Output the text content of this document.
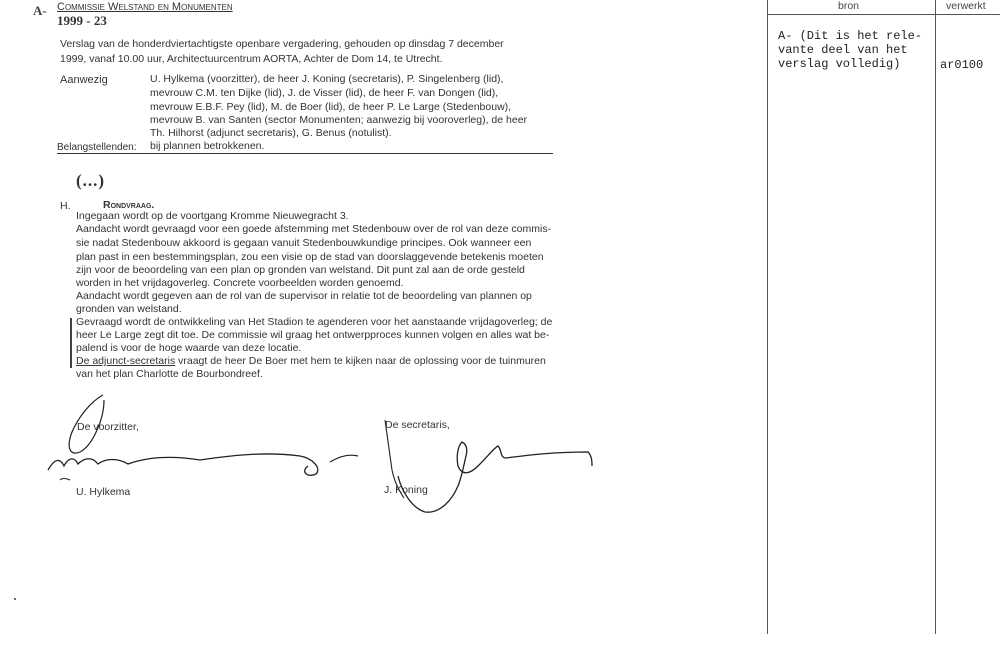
A- Commissie Welstand en Monumenten
1999 - 23
Verslag van de honderdviertachtigste openbare vergadering, gehouden op dinsdag 7 december
1999, vanaf 10.00 uur, Architectuurcentrum AORTA, Achter de Dom 14, te Utrecht.
Aanwezig	U. Hylkema (voorzitter), de heer J. Koning (secretaris), P. Singelenberg (lid),
mevrouw C.M. ten Dijke (lid), J. de Visser (lid), de heer F. van Dongen (lid),
mevrouw E.B.F. Pey (lid), M. de Boer (lid), de heer P. Le Large (Stedenbouw),
mevrouw B. van Santen (sector Monumenten; aanwezig bij vooroverleg), de heer
Th. Hilhorst (adjunct secretaris), G. Benus (notulist).
Belangstellenden: bij plannen betrokkenen.
(...)
H.	Rondvraag.
Ingegaan wordt op de voortgang Kromme Nieuwegracht 3.
Aandacht wordt gevraagd voor een goede afstemming met Stedenbouw over de rol van deze commis-
sie nadat Stedenbouw akkoord is gegaan vanuit Stedenbouwkundige principes. Ook wanneer een
plan past in een bestemmingsplan, zou een visie op de stad van doorslaggevende betekenis moeten
zijn voor de beoordeling van een plan op gronden van welstand. Dit punt zal aan de orde gesteld
worden in het vrijdagoverleg. Concrete voorbeelden worden genoemd.
Aandacht wordt gegeven aan de rol van de supervisor in relatie tot de beoordeling van plannen op
gronden van welstand.
Gevraagd wordt de ontwikkeling van Het Stadion te agenderen voor het aanstaande vrijdagoverleg; de
heer Le Large zegt dit toe. De commissie wil graag het ontwerpproces kunnen volgen en alles wat be-
palend is voor de hoge waarde van deze locatie.
De adjunct-secretaris vraagt de heer De Boer met hem te kijken naar de oplossing voor de tuinmuren
van het plan Charlotte de Bourbondreef.
De voorzitter,
U. Hylkema
De secretaris,
J. Koning
bron	verwerkt
A- (Dit is het rele-
vante deel van het
verslag volledig)	ar0100
